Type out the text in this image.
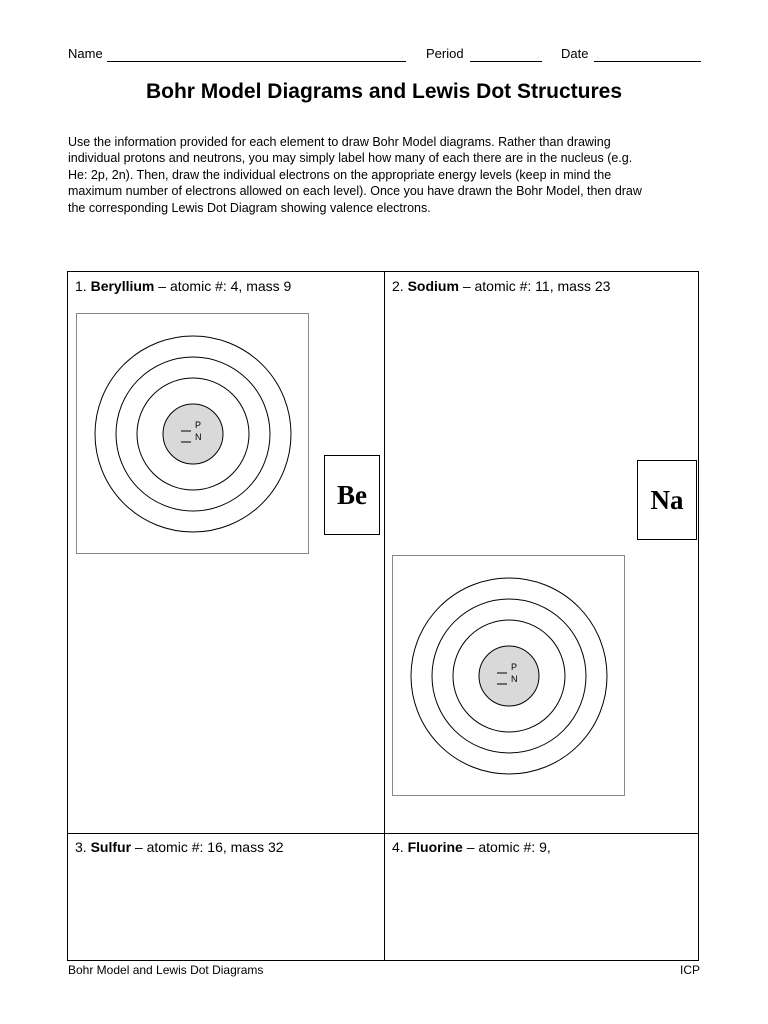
Name	Period	Date
Bohr Model Diagrams and Lewis Dot Structures

Use the information provided for each element to draw Bohr Model diagrams. Rather than drawing
individual protons and neutrons, you may simply label how many of each there are in the nucleus (e.g.
He: 2p, 2n). Then, draw the individual electrons on the appropriate energy levels (keep in mind the
maximum number of electrons allowed on each level). Once you have drawn the Bohr Model, then draw
the corresponding Lewis Dot Diagram showing valence electrons.

1. Beryllium – atomic #: 4, mass 9
P
N
Be
2. Sodium – atomic #: 11, mass 23
Na
P
N
3. Sulfur – atomic #: 16, mass 32	4. Fluorine – atomic #: 9,
Bohr Model and Lewis Dot Diagrams	ICP
